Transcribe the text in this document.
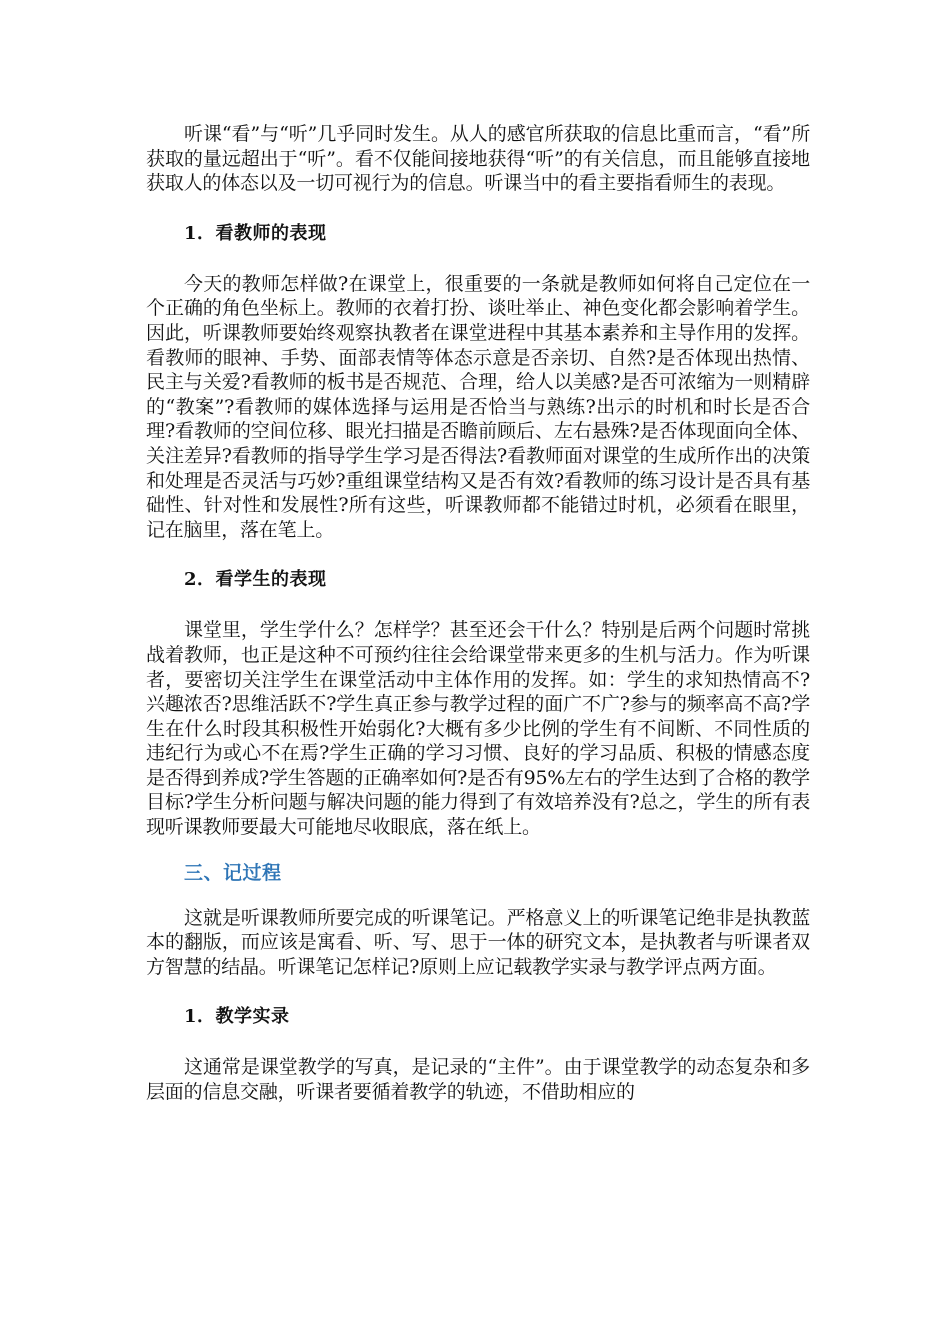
听课“看”与“听”几乎同时发生。从人的感官所获取的信息比重而言，“看”所获取的量远超出于“听”。看不仅能间接地获得“听”的有关信息，而且能够直接地获取人的体态以及一切可视行为的信息。听课当中的看主要指看师生的表现。

1．看教师的表现

今天的教师怎样做?在课堂上，很重要的一条就是教师如何将自己定位在一个正确的角色坐标上。教师的衣着打扮、谈吐举止、神色变化都会影响着学生。因此，听课教师要始终观察执教者在课堂进程中其基本素养和主导作用的发挥。看教师的眼神、手势、面部表情等体态示意是否亲切、自然?是否体现出热情、民主与关爱?看教师的板书是否规范、合理，给人以美感?是否可浓缩为一则精辟的“教案”?看教师的媒体选择与运用是否恰当与熟练?出示的时机和时长是否合理?看教师的空间位移、眼光扫描是否瞻前顾后、左右悬殊?是否体现面向全体、关注差异?看教师的指导学生学习是否得法?看教师面对课堂的生成所作出的决策和处理是否灵活与巧妙?重组课堂结构又是否有效?看教师的练习设计是否具有基础性、针对性和发展性?所有这些，听课教师都不能错过时机，必须看在眼里，记在脑里，落在笔上。

2．看学生的表现

课堂里，学生学什么？怎样学？甚至还会干什么？特别是后两个问题时常挑战着教师，也正是这种不可预约往往会给课堂带来更多的生机与活力。作为听课者，要密切关注学生在课堂活动中主体作用的发挥。如：学生的求知热情高不?兴趣浓否?思维活跃不?学生真正参与教学过程的面广不广?参与的频率高不高?学生在什么时段其积极性开始弱化?大概有多少比例的学生有不间断、不同性质的违纪行为或心不在焉?学生正确的学习习惯、良好的学习品质、积极的情感态度是否得到养成?学生答题的正确率如何?是否有95%左右的学生达到了合格的教学目标?学生分析问题与解决问题的能力得到了有效培养没有?总之，学生的所有表现听课教师要最大可能地尽收眼底，落在纸上。

三、记过程

这就是听课教师所要完成的听课笔记。严格意义上的听课笔记绝非是执教蓝本的翻版，而应该是寓看、听、写、思于一体的研究文本，是执教者与听课者双方智慧的结晶。听课笔记怎样记?原则上应记载教学实录与教学评点两方面。

1．教学实录

这通常是课堂教学的写真，是记录的“主件”。由于课堂教学的动态复杂和多层面的信息交融，听课者要循着教学的轨迹，不借助相应的
